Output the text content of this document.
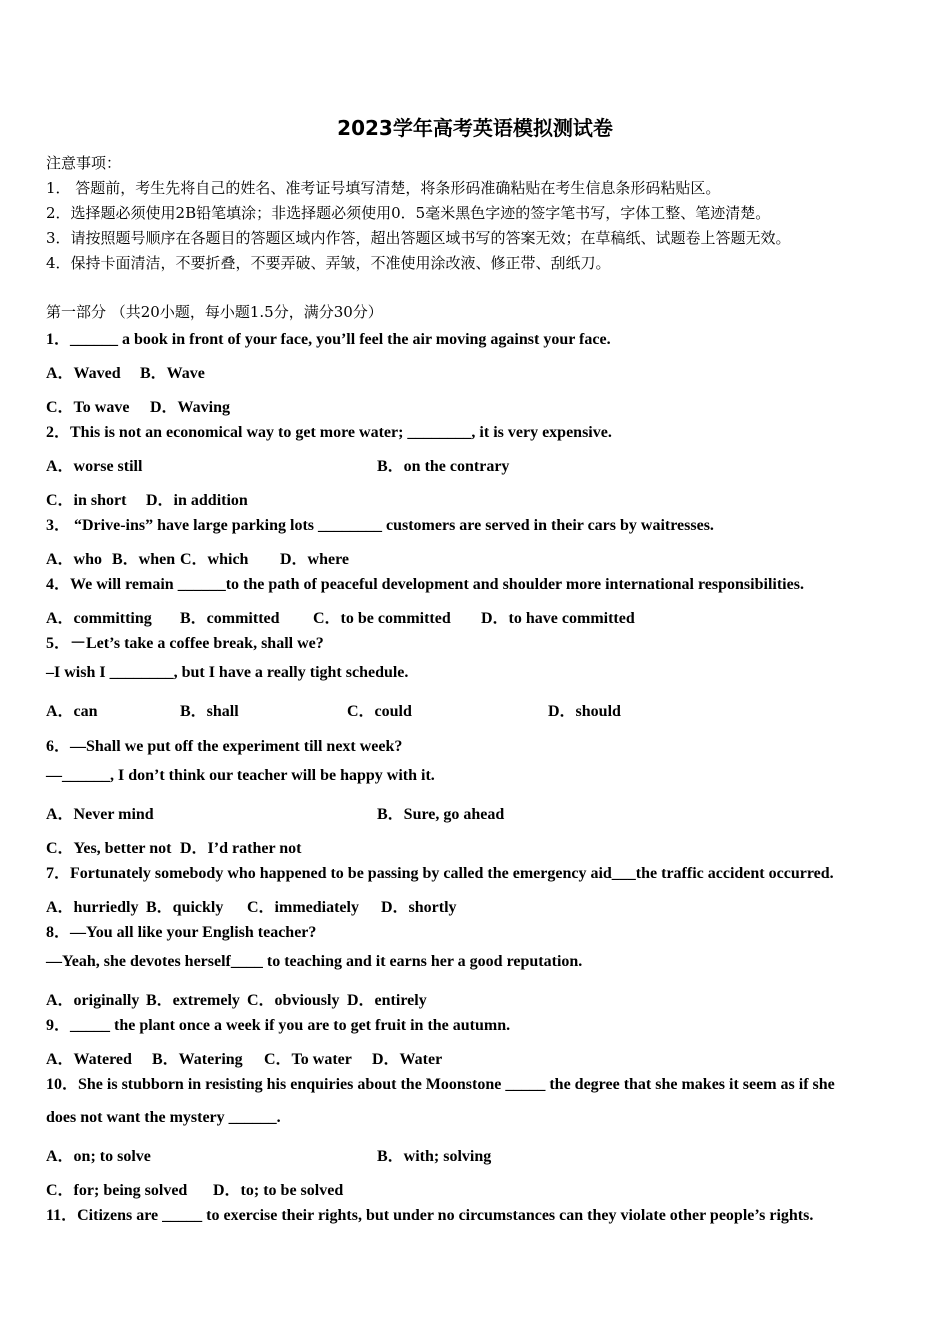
2023学年高考英语模拟测试卷
注意事项：
1． 答题前，考生先将自己的姓名、准考证号填写清楚，将条形码准确粘贴在考生信息条形码粘贴区。
2．选择题必须使用2B铅笔填涂；非选择题必须使用0．5毫米黑色字迹的签字笔书写，字体工整、笔迹清楚。
3．请按照题号顺序在各题目的答题区域内作答，超出答题区域书写的答案无效；在草稿纸、试题卷上答题无效。
4．保持卡面清洁，不要折叠，不要弄破、弄皱，不准使用涂改液、修正带、刮纸刀。
第一部分 （共20小题，每小题1.5分，满分30分）
1．______ a book in front of your face, you’ll feel the air moving against your face.
A．Waved B．Wave
C．To wave D．Waving
2．This is not an economical way to get more water; ________, it is very expensive.
A．worse still	B．on the contrary
C．in short D．in addition
3． “Drive-ins” have large parking lots ________ customers are served in their cars by waitresses.
A．who B．when C．which D．where
4．We will remain ______to the path of peaceful development and shoulder more international responsibilities.
A．committing B．committed C．to be committed D．to have committed
5．－Let’s take a coffee break, shall we?
–I wish I ________, but I have a really tight schedule.
A．can	B．shall	C．could	D．should
6．—Shall we put off the experiment till next week?
—______, I don’t think our teacher will be happy with it.
A．Never mind	B．Sure, go ahead
C．Yes, better not D．I’d rather not
7．Fortunately somebody who happened to be passing by called the emergency aid___the traffic accident occurred.
A．hurriedly B．quickly C．immediately D．shortly
8．—You all like your English teacher?
—Yeah, she devotes herself____ to teaching and it earns her a good reputation.
A．originally B．extremely C．obviously D．entirely
9．_____ the plant once a week if you are to get fruit in the autumn.
A．Watered B．Watering C．To water D．Water
10．She is stubborn in resisting his enquiries about the Moonstone _____ the degree that she makes it seem as if she
does not want the mystery ______.
A．on; to solve	B．with; solving
C．for; being solved D．to; to be solved
11．Citizens are _____ to exercise their rights, but under no circumstances can they violate other people’s rights.
